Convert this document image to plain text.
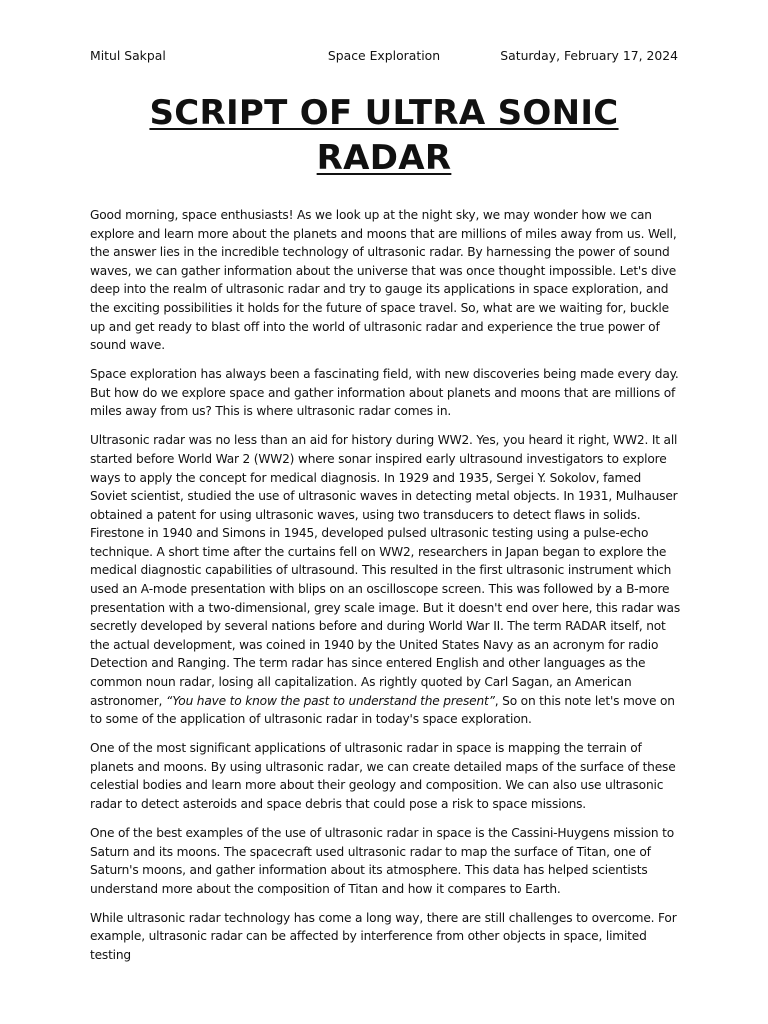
Mitul Sakpal	Space Exploration	Saturday, February 17, 2024
SCRIPT OF ULTRA SONIC RADAR

Good morning, space enthusiasts! As we look up at the night sky, we may wonder how we can explore and learn more about the planets and moons that are millions of miles away from us. Well, the answer lies in the incredible technology of ultrasonic radar. By harnessing the power of sound waves, we can gather information about the universe that was once thought impossible. Let's dive deep into the realm of ultrasonic radar and try to gauge its applications in space exploration, and the exciting possibilities it holds for the future of space travel. So, what are we waiting for, buckle up and get ready to blast off into the world of ultrasonic radar and experience the true power of sound wave.

Space exploration has always been a fascinating field, with new discoveries being made every day. But how do we explore space and gather information about planets and moons that are millions of miles away from us? This is where ultrasonic radar comes in.

Ultrasonic radar was no less than an aid for history during WW2. Yes, you heard it right, WW2. It all started before World War 2 (WW2) where sonar inspired early ultrasound investigators to explore ways to apply the concept for medical diagnosis. In 1929 and 1935, Sergei Y. Sokolov, famed Soviet scientist, studied the use of ultrasonic waves in detecting metal objects. In 1931, Mulhauser obtained a patent for using ultrasonic waves, using two transducers to detect flaws in solids. Firestone in 1940 and Simons in 1945, developed pulsed ultrasonic testing using a pulse-echo technique. A short time after the curtains fell on WW2, researchers in Japan began to explore the medical diagnostic capabilities of ultrasound. This resulted in the first ultrasonic instrument which used an A-mode presentation with blips on an oscilloscope screen. This was followed by a B-more presentation with a two-dimensional, grey scale image. But it doesn't end over here, this radar was secretly developed by several nations before and during World War II. The term RADAR itself, not the actual development, was coined in 1940 by the United States Navy as an acronym for radio Detection and Ranging. The term radar has since entered English and other languages as the common noun radar, losing all capitalization. As rightly quoted by Carl Sagan, an American astronomer, “You have to know the past to understand the present”, So on this note let's move on to some of the application of ultrasonic radar in today's space exploration.

One of the most significant applications of ultrasonic radar in space is mapping the terrain of planets and moons. By using ultrasonic radar, we can create detailed maps of the surface of these celestial bodies and learn more about their geology and composition. We can also use ultrasonic radar to detect asteroids and space debris that could pose a risk to space missions.

One of the best examples of the use of ultrasonic radar in space is the Cassini-Huygens mission to Saturn and its moons. The spacecraft used ultrasonic radar to map the surface of Titan, one of Saturn's moons, and gather information about its atmosphere. This data has helped scientists understand more about the composition of Titan and how it compares to Earth.

While ultrasonic radar technology has come a long way, there are still challenges to overcome. For example, ultrasonic radar can be affected by interference from other objects in space, limited testing
